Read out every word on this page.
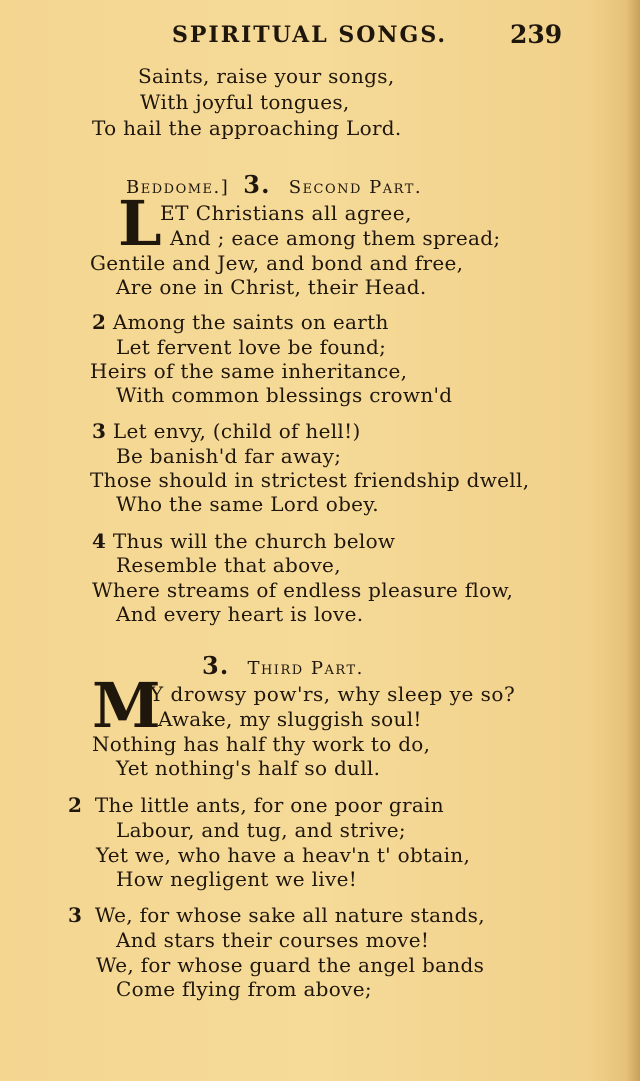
SPIRITUAL SONGS.	239
Saints, raise your songs,
With joyful tongues,
To hail the approaching Lord.
Beddome.] 3. Second Part.
L
ET Christians all agree,
And ; eace among them spread;
Gentile and Jew, and bond and free,
Are one in Christ, their Head.
2 Among the saints on earth
Let fervent love be found;
Heirs of the same inheritance,
With common blessings crown'd
3 Let envy, (child of hell!)
Be banish'd far away;
Those should in strictest friendship dwell,
Who the same Lord obey.
4 Thus will the church below
Resemble that above,
Where streams of endless pleasure flow,
And every heart is love.
3. Third Part.
M
Y drowsy pow'rs, why sleep ye so?
Awake, my sluggish soul!
Nothing has half thy work to do,
Yet nothing's half so dull.
2 The little ants, for one poor grain
Labour, and tug, and strive;
Yet we, who have a heav'n t' obtain,
How negligent we live!
3 We, for whose sake all nature stands,
And stars their courses move!
We, for whose guard the angel bands
Come flying from above;
